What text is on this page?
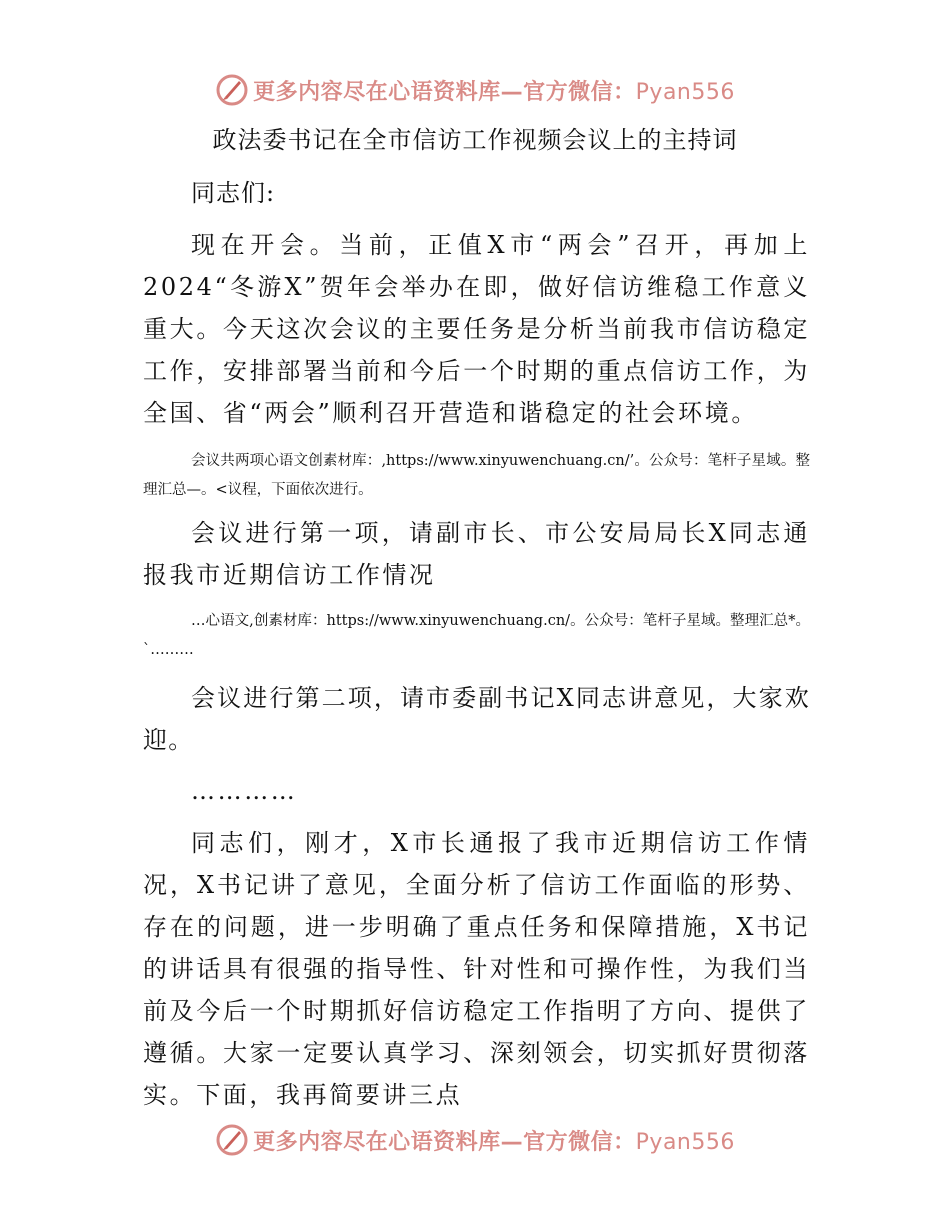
更多内容尽在心语资料库—官方微信：Pyan556
政法委书记在全市信访工作视频会议上的主持词

同志们:

现在开会。当前，正值X市“两会”召开，再加上2024“冬游X”贺年会举办在即，做好信访维稳工作意义重大。今天这次会议的主要任务是分析当前我市信访稳定工作，安排部署当前和今后一个时期的重点信访工作，为全国、省“两会”顺利召开营造和谐稳定的社会环境。

会议共两项心语文创素材库：,https://www.xinyuwenchuang.cn/’。公众号：笔杆子星域。整理汇总—。<议程，下面依次进行。

会议进行第一项，请副市长、市公安局局长X同志通报我市近期信访工作情况

…心语文,创素材库：https://www.xinyuwenchuang.cn/。公众号：笔杆子星域。整理汇总*。`………

会议进行第二项，请市委副书记X同志讲意见，大家欢迎。

…………

同志们，刚才，X市长通报了我市近期信访工作情况，X书记讲了意见，全面分析了信访工作面临的形势、存在的问题，进一步明确了重点任务和保障措施，X书记的讲话具有很强的指导性、针对性和可操作性，为我们当前及今后一个时期抓好信访稳定工作指明了方向、提供了遵循。大家一定要认真学习、深刻领会，切实抓好贯彻落实。下面，我再简要讲三点

更多内容尽在心语资料库—官方微信：Pyan556
